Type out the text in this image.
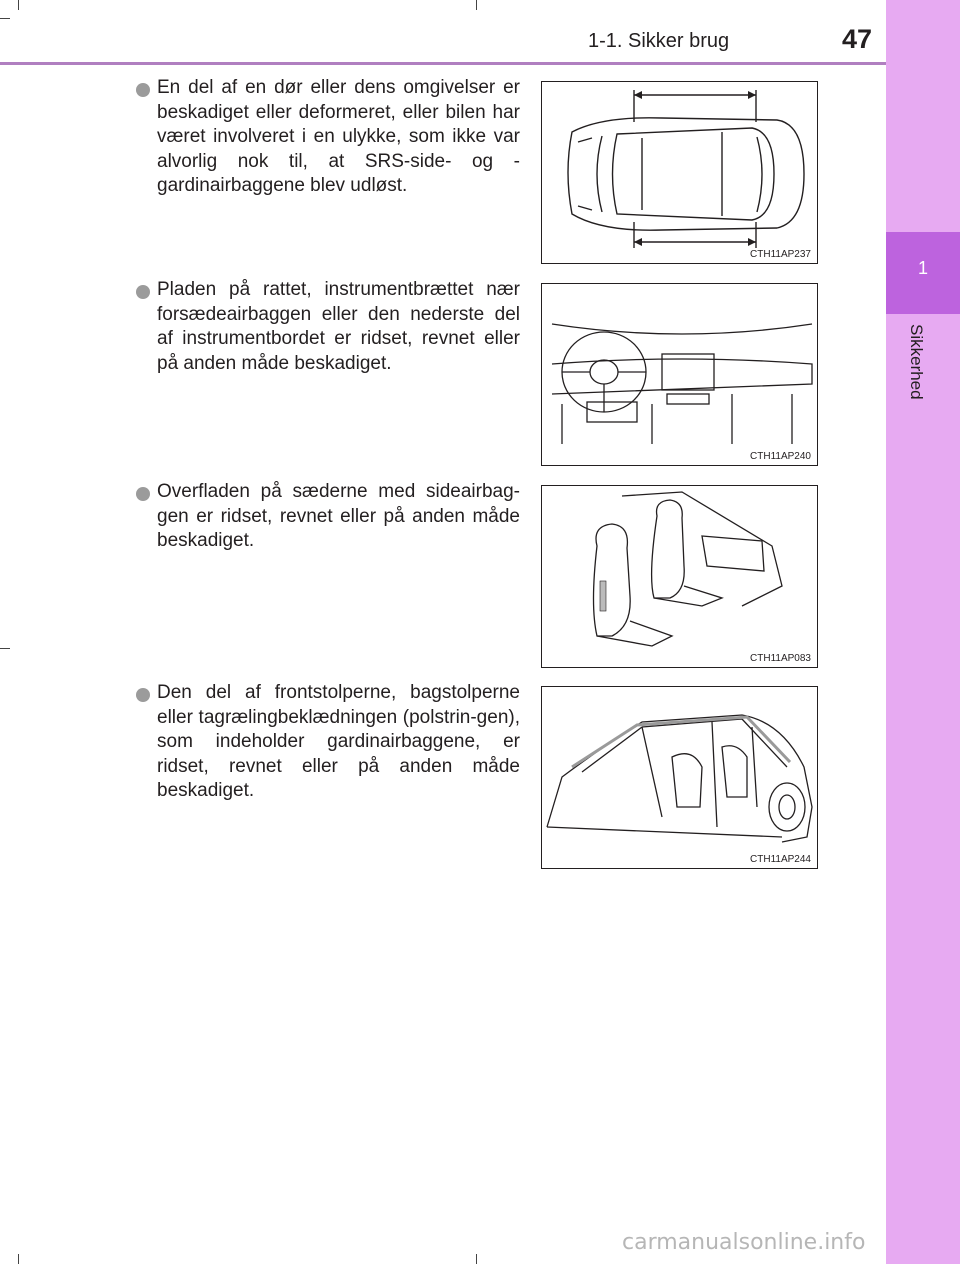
1-1. Sikker brug	47
1
Sikkerhed
En del af en dør eller dens omgivelser er beskadiget eller deformeret, eller bilen har været involveret i en ulykke, som ikke var alvorlig nok til, at SRS-side- og -gardinairbaggene blev udløst.
CTH11AP237
Pladen på rattet, instrumentbrættet nær forsædeairbaggen eller den nederste del af instrumentbordet er ridset, revnet eller på anden måde beskadiget.
CTH11AP240
Overfladen på sæderne med sideairbag-gen er ridset, revnet eller på anden måde beskadiget.
CTH11AP083
Den del af frontstolperne, bagstolperne eller tagrælingbeklædningen (polstrin-gen), som indeholder gardinairbaggene, er ridset, revnet eller på anden måde beskadiget.
CTH11AP244
carmanualsonline.info
